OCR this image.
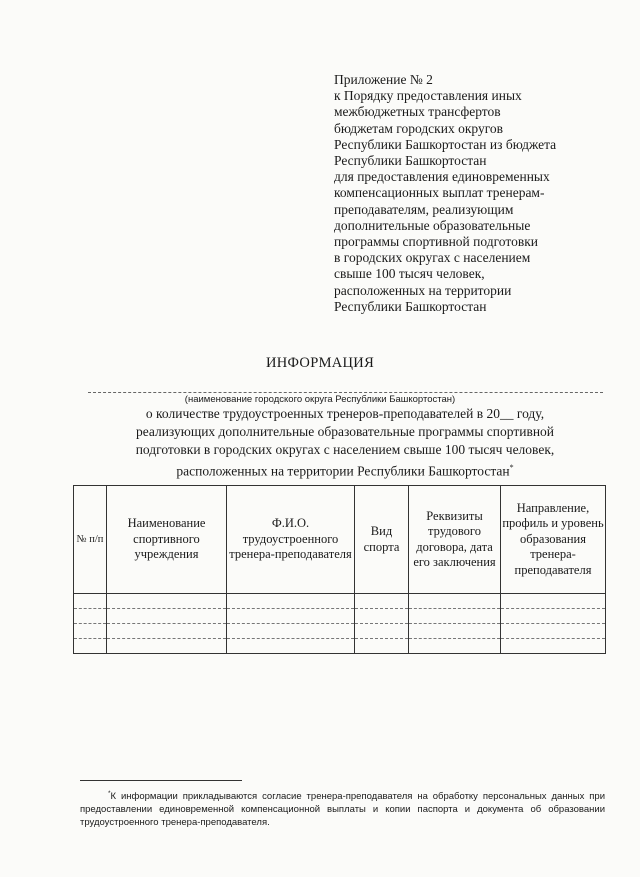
Приложение № 2
к Порядку предоставления иных
межбюджетных трансфертов
бюджетам городских округов
Республики Башкортостан из бюджета
Республики Башкортостан
для предоставления единовременных
компенсационных выплат тренерам-
преподавателям, реализующим
дополнительные образовательные
программы спортивной подготовки
в городских округах с населением
свыше 100 тысяч человек,
расположенных на территории
Республики Башкортостан
ИНФОРМАЦИЯ
(наименование городского округа Республики Башкортостан)
о количестве трудоустроенных тренеров-преподавателей в 20__ году,
реализующих дополнительные образовательные программы спортивной
подготовки в городских округах с населением свыше 100 тысяч человек,
расположенных на территории Республики Башкортостан*
№ п/п	Наименование спортивного учреждения	Ф.И.О. трудоустроенного тренера-преподавателя	Вид спорта	Реквизиты трудового договора, дата его заключения	Направление, профиль и уровень образования тренера-преподавателя

*К информации прикладываются согласие тренера-преподавателя на обработку персональных данных при предоставлении единовременной компенсационной выплаты и копии паспорта и документа об образовании трудоустроенного тренера-преподавателя.
